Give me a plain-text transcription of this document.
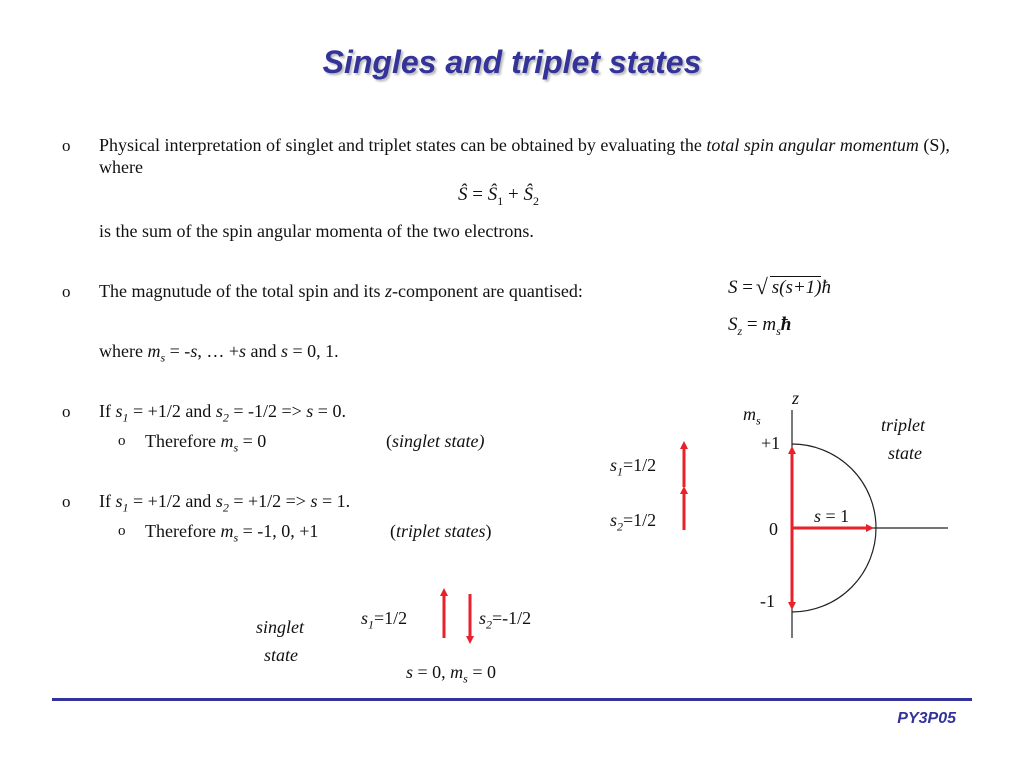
Singles and triplet states
o Physical interpretation of singlet and triplet states can be obtained by evaluating the total spin angular momentum (S), where
Ŝ = $Ŝ_1$ + $Ŝ_2$
is the sum of the spin angular momenta of the two electrons.
o The magnutude of the total spin and its z-component are quantised:	S = √ s(s+1)ħ
$S_z$ = $m_sħ$
where $m_s = -s$, … +s and s = 0, 1.
o If $s_1 = +1/2$ and $s_2 = -1/2 => s = 0$.
o Therefore $m_s = 0$	(singlet state)
o If $s_1 = +1/2$ and $s_2 = +1/2 => s = 1$.
o Therefore $m_s = -1$, 0, +1	(triplet states)
$s_1=1/2$
$s_2=1/2$
singlet
state
$s_1=1/2$	$s_2=-1/2$
s = 0, $m_s = 0$
z
$m_s$
+1
0
-1
s = 1
triplet
state
PY3P05
